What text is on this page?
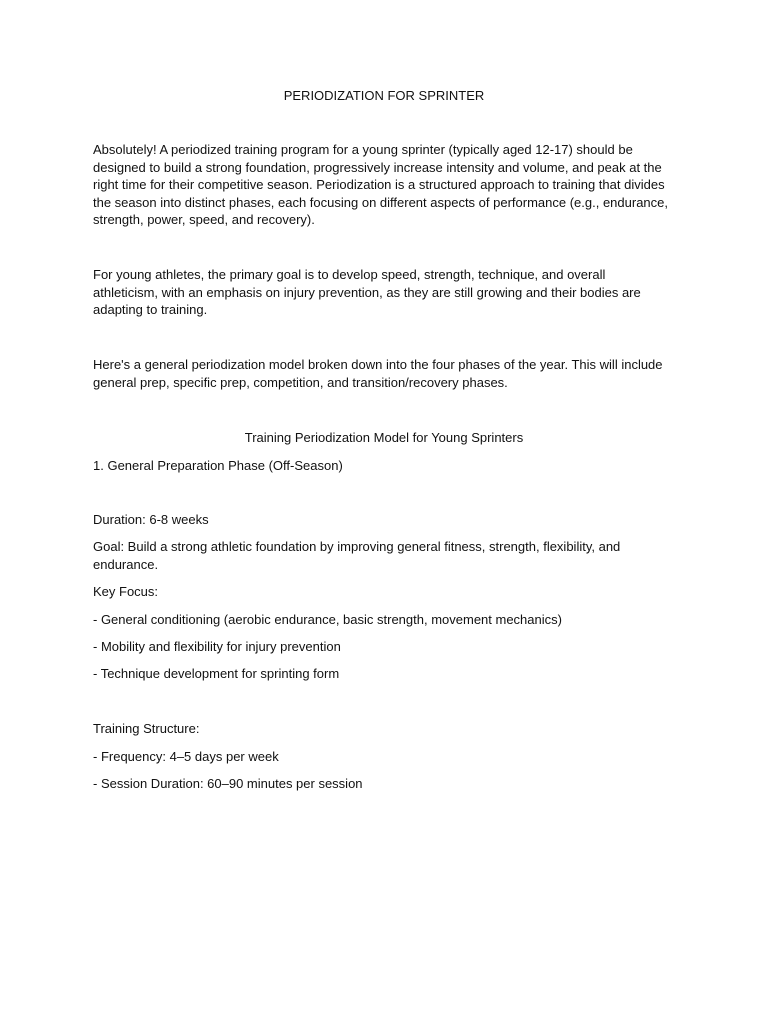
PERIODIZATION FOR SPRINTER

Absolutely! A periodized training program for a young sprinter (typically aged 12-17) should be designed to build a strong foundation, progressively increase intensity and volume, and peak at the right time for their competitive season. Periodization is a structured approach to training that divides the season into distinct phases, each focusing on different aspects of performance (e.g., endurance, strength, power, speed, and recovery).

For young athletes, the primary goal is to develop speed, strength, technique, and overall athleticism, with an emphasis on injury prevention, as they are still growing and their bodies are adapting to training.

Here's a general periodization model broken down into the four phases of the year. This will include general prep, specific prep, competition, and transition/recovery phases.

Training Periodization Model for Young Sprinters

1. General Preparation Phase (Off-Season)

Duration: 6-8 weeks

Goal: Build a strong athletic foundation by improving general fitness, strength, flexibility, and endurance.

Key Focus:

- General conditioning (aerobic endurance, basic strength, movement mechanics)

- Mobility and flexibility for injury prevention

- Technique development for sprinting form

Training Structure:

- Frequency: 4–5 days per week

- Session Duration: 60–90 minutes per session
